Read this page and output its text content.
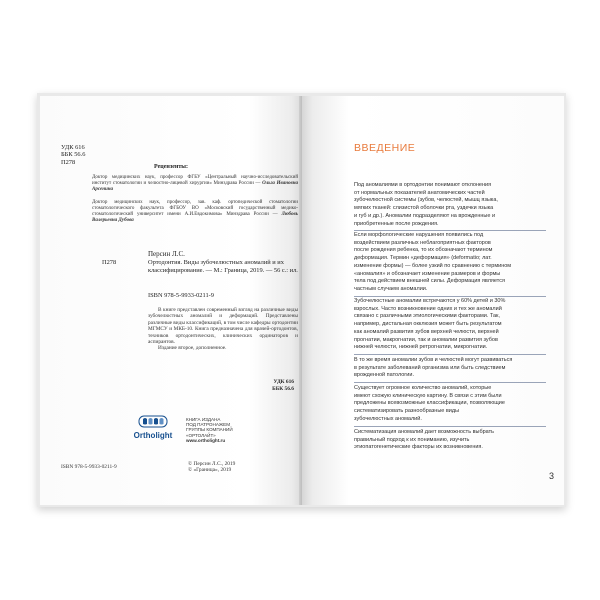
УДК 616
ББК 56.6
П278
Рецензенты:
Доктор медицинских наук, профессор ФГБУ «Центральный научно-исследовательский институт стоматологии и челюстно-лицевой хирургии» Минздрава России — Ольга Ивановна Арсенина
Доктор медицинских наук, профессор, зав. каф. ортопедической стоматологии стоматологического факультета ФГБОУ ВО «Московский государственный медико-стоматологический университет имени А.И.Евдокимова» Минздрава России — Любовь Валерьевна Дубова
Персин Л.С.
П278	Ортодонтия. Виды зубочелюстных аномалий и их классифицирование. — М.: Граница, 2019. — 56 с.: ил.
ISBN 978-5-9933-0211-9
В книге представлен современный взгляд на различные виды зубочелюстных аномалий и деформаций. Представлены различные виды классификаций, в том числе кафедры ортодонтии МГМСУ и МКБ-10. Книга предназначена для врачей-ортодонтов, техников ортодонтических, клинических ординаторов и аспирантов.
Издание второе, дополненное.
УДК 616
ББК 56.6
Ortholight
КНИГА ИЗДАНА
ПОД ПАТРОНАЖЕМ
ГРУППЫ КОМПАНИЙ
«ОРТОЛАЙТ»
www.ortholight.ru
ISBN 978-5-9933-0211-9	© Персин Л.С., 2019
© «Граница», 2019
ВВЕДЕНИЕ
Под аномалиями в ортодонтии понимают отклонения
от нормальных показателей анатомических частей
зубочелюстной системы (зубов, челюстей, мышц языка,
мягких тканей: слизистой оболочки рта, уздечки языка
и губ и др.). Аномалии подразделяют на врожденные и
приобретенные после рождения.
Если морфологические нарушения появились под
воздействием различных неблагоприятных факторов
после рождения ребенка, то их обозначают термином
деформация. Термин «деформация» (deformatio; лат.
изменение формы) — более узкий по сравнению с термином
«аномалия» и обозначает изменение размеров и формы
тела под действием внешней силы. Деформация является
частным случаем аномалии.
Зубочелюстные аномалии встречаются у 60% детей и 30%
взрослых. Часто возникновение одних и тех же аномалий
связано с различными этиологическими факторами. Так,
например, дистальная окклюзия может быть результатом
как аномалий развития зубов верхней челюсти, верхней
прогнатии, макрогнатии, так и аномалии развития зубов
нижней челюсти, нижней ретрогнатии, микрогнатии.
В то же время аномалии зубов и челюстей могут развиваться
в результате заболеваний организма или быть следствием
врожденной патологии.
Существует огромное количество аномалий, которые
имеют схожую клиническую картину. В связи с этим были
предложены всевозможные классификации, позволяющие
систематизировать разнообразные виды
зубочелюстных аномалий.
Систематизация аномалий дает возможность выбрать
правильный подход к их пониманию, изучить
этиопатогенетические факторы их возникновения.
3
